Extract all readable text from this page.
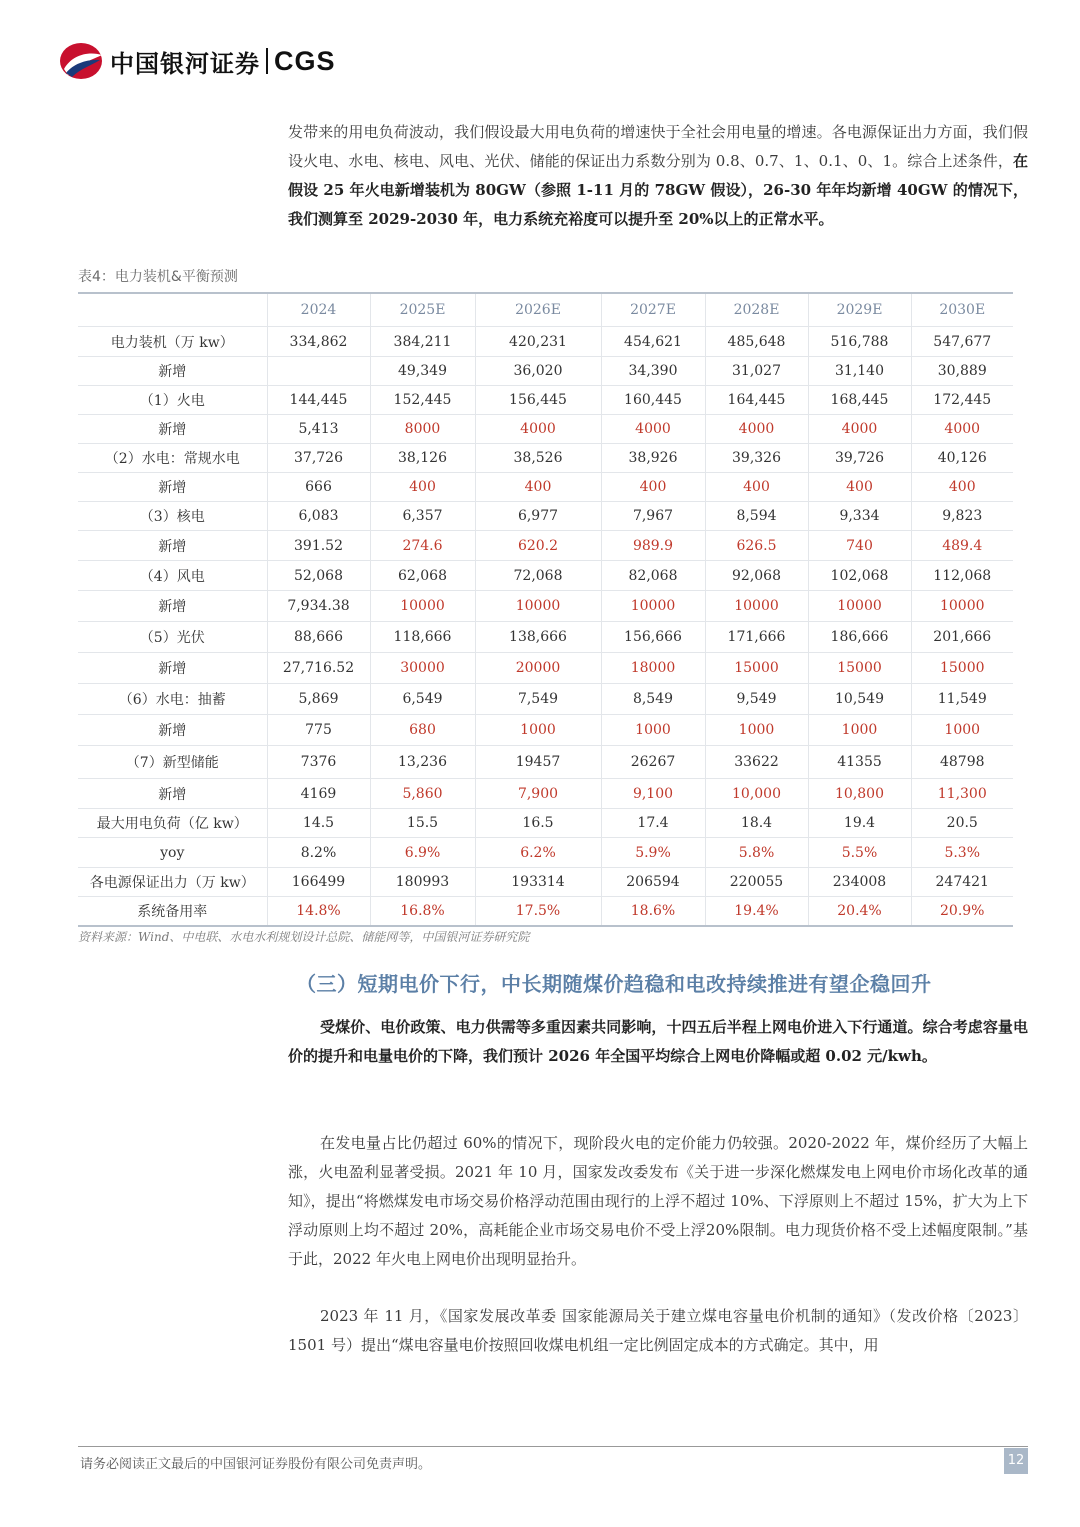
中国银河证券 CGS

发带来的用电负荷波动，我们假设最大用电负荷的增速快于全社会用电量的增速。各电源保证出力方面，我们假设火电、水电、核电、风电、光伏、储能的保证出力系数分别为 0.8、0.7、1、0.1、0、1。综合上述条件，在假设 25 年火电新增装机为 80GW（参照 1-11 月的 78GW 假设），26-30 年年均新增 40GW 的情况下，我们测算至 2029-2030 年，电力系统充裕度可以提升至 20%以上的正常水平。

表4：电力装机&平衡预测
	2024	2025E	2026E	2027E	2028E	2029E	2030E
电力装机（万 kw）	334,862	384,211	420,231	454,621	485,648	516,788	547,677
新增		49,349	36,020	34,390	31,027	31,140	30,889
（1）火电	144,445	152,445	156,445	160,445	164,445	168,445	172,445
新增	5,413	8000	4000	4000	4000	4000	4000
（2）水电：常规水电	37,726	38,126	38,526	38,926	39,326	39,726	40,126
新增	666	400	400	400	400	400	400
（3）核电	6,083	6,357	6,977	7,967	8,594	9,334	9,823
新增	391.52	274.6	620.2	989.9	626.5	740	489.4
（4）风电	52,068	62,068	72,068	82,068	92,068	102,068	112,068
新增	7,934.38	10000	10000	10000	10000	10000	10000
（5）光伏	88,666	118,666	138,666	156,666	171,666	186,666	201,666
新增	27,716.52	30000	20000	18000	15000	15000	15000
（6）水电：抽蓄	5,869	6,549	7,549	8,549	9,549	10,549	11,549
新增	775	680	1000	1000	1000	1000	1000
（7）新型储能	7376	13,236	19457	26267	33622	41355	48798
新增	4169	5,860	7,900	9,100	10,000	10,800	11,300
最大用电负荷（亿 kw）	14.5	15.5	16.5	17.4	18.4	19.4	20.5
yoy	8.2%	6.9%	6.2%	5.9%	5.8%	5.5%	5.3%
各电源保证出力（万 kw）	166499	180993	193314	206594	220055	234008	247421
系统备用率	14.8%	16.8%	17.5%	18.6%	19.4%	20.4%	20.9%
资料来源：Wind、中电联、水电水利规划设计总院、储能网等，中国银河证券研究院
（三）短期电价下行，中长期随煤价趋稳和电改持续推进有望企稳回升

受煤价、电价政策、电力供需等多重因素共同影响，十四五后半程上网电价进入下行通道。综合考虑容量电价的提升和电量电价的下降，我们预计 2026 年全国平均综合上网电价降幅或超 0.02 元/kwh。

在发电量占比仍超过 60%的情况下，现阶段火电的定价能力仍较强。2020-2022 年，煤价经历了大幅上涨，火电盈利显著受损。2021 年 10 月，国家发改委发布《关于进一步深化燃煤发电上网电价市场化改革的通知》，提出“将燃煤发电市场交易价格浮动范围由现行的上浮不超过 10%、下浮原则上不超过 15%，扩大为上下浮动原则上均不超过 20%，高耗能企业市场交易电价不受上浮20%限制。电力现货价格不受上述幅度限制。”基于此，2022 年火电上网电价出现明显抬升。

2023 年 11 月，《国家发展改革委 国家能源局关于建立煤电容量电价机制的通知》（发改价格〔2023〕1501 号）提出“煤电容量电价按照回收煤电机组一定比例固定成本的方式确定。其中，用

请务必阅读正文最后的中国银河证券股份有限公司免责声明。	12
